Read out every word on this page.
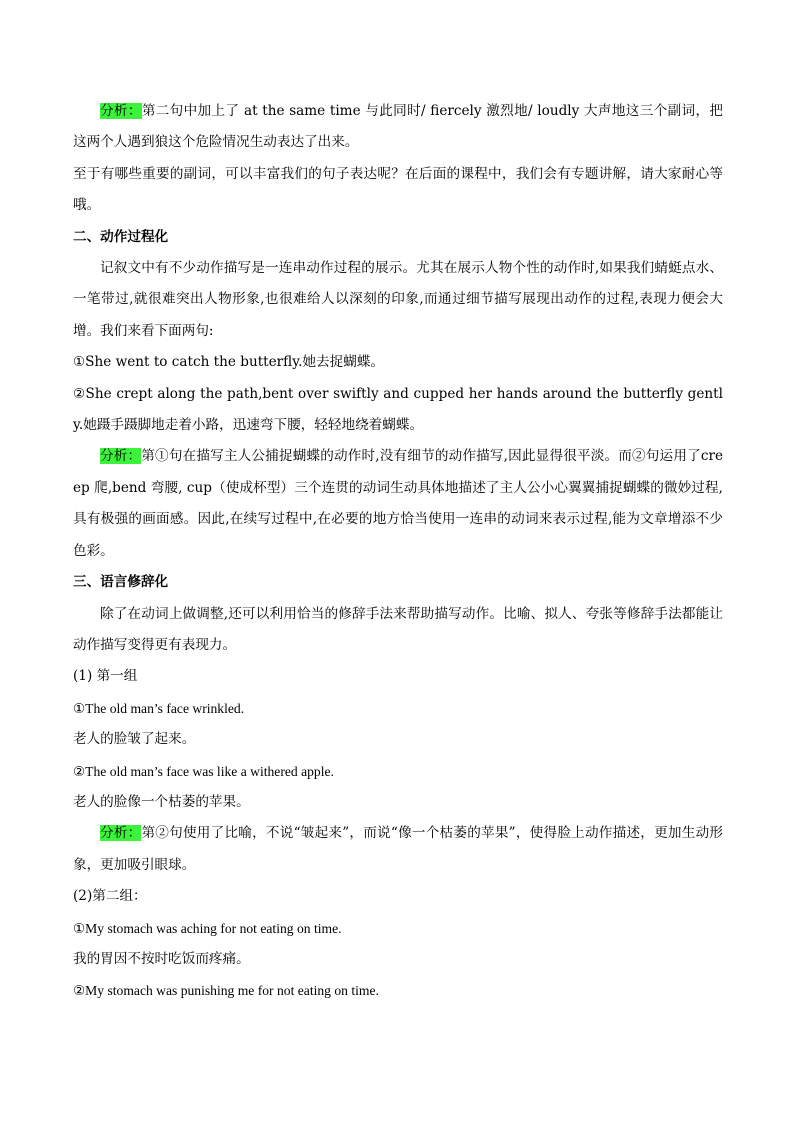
分析：第二句中加上了 at the same time 与此同时/ fiercely 激烈地/ loudly 大声地这三个副词，把这两个人遇到狼这个危险情况生动表达了出来。

至于有哪些重要的副词，可以丰富我们的句子表达呢？在后面的课程中，我们会有专题讲解，请大家耐心等哦。

二、动作过程化

记叙文中有不少动作描写是一连串动作过程的展示。尤其在展示人物个性的动作时,如果我们蜻蜓点水、一笔带过,就很难突出人物形象,也很难给人以深刻的印象,而通过细节描写展现出动作的过程,表现力便会大增。我们来看下面两句:

①She went to catch the butterfly.她去捉蝴蝶。

②She crept along the path,bent over swiftly and cupped her hands around the butterfly gently.她蹑手蹑脚地走着小路，迅速弯下腰，轻轻地绕着蝴蝶。

分析：第①句在描写主人公捕捉蝴蝶的动作时,没有细节的动作描写,因此显得很平淡。而②句运用了creep 爬,bend 弯腰, cup（使成杯型）三个连贯的动词生动具体地描述了主人公小心翼翼捕捉蝴蝶的微妙过程,具有极强的画面感。因此,在续写过程中,在必要的地方恰当使用一连串的动词来表示过程,能为文章增添不少色彩。

三、语言修辞化

除了在动词上做调整,还可以利用恰当的修辞手法来帮助描写动作。比喻、拟人、夸张等修辞手法都能让动作描写变得更有表现力。

(1) 第一组

①The old man’s face wrinkled.

老人的脸皱了起来。

②The old man’s face was like a withered apple.

老人的脸像一个枯萎的苹果。

分析：第②句使用了比喻，不说“皱起来”，而说“像一个枯萎的苹果”，使得脸上动作描述，更加生动形象，更加吸引眼球。

(2)第二组：

①My stomach was aching for not eating on time.

我的胃因不按时吃饭而疼痛。

②My stomach was punishing me for not eating on time.
